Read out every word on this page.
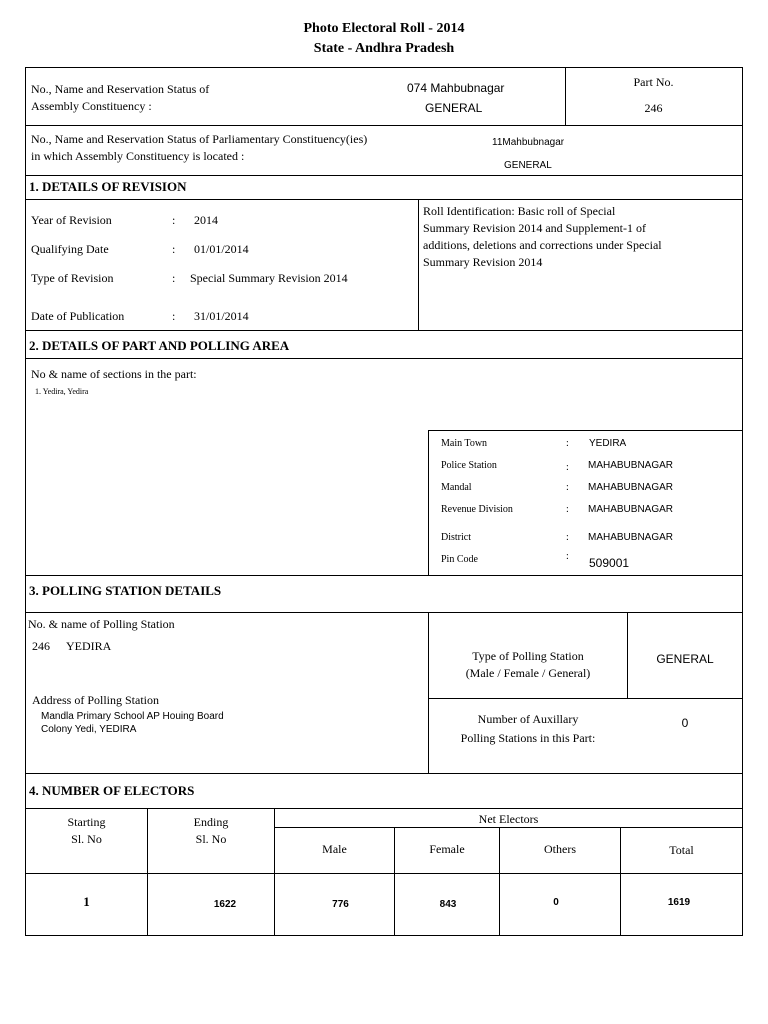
Photo Electoral Roll - 2014
State - Andhra Pradesh
No., Name and Reservation Status of
Assembly Constituency :
074 Mahbubnagar
GENERAL
Part No.
246
No., Name and Reservation Status of Parliamentary Constituency(ies)
in which Assembly Constituency is located :
11Mahbubnagar
GENERAL
1. DETAILS OF REVISION
Year of Revision	: 2014
Qualifying Date	: 01/01/2014
Type of Revision	: Special Summary Revision 2014
Date of Publication	: 31/01/2014
Roll Identification: Basic roll of Special
Summary Revision 2014 and Supplement-1 of
additions, deletions and corrections under Special
Summary Revision 2014
2. DETAILS OF PART AND POLLING AREA
No & name of sections in the part:
1. Yedira, Yedira
Main Town	: YEDIRA
Police Station	: MAHABUBNAGAR
Mandal	: MAHABUBNAGAR
Revenue Division	: MAHABUBNAGAR
District	: MAHABUBNAGAR
Pin Code	: 509001
3. POLLING STATION DETAILS
No. & name of Polling Station
246 YEDIRA
Address of Polling Station
Mandla Primary School AP Houing Board
Colony Yedi, YEDIRA
Type of Polling Station
(Male / Female / General)
GENERAL
Number of Auxillary
Polling Stations in this Part:
0
4. NUMBER OF ELECTORS
Starting
Sl. No
Ending
Sl. No
Net Electors
Male	Female	Others	Total
1	1622	776	843	0	1619
